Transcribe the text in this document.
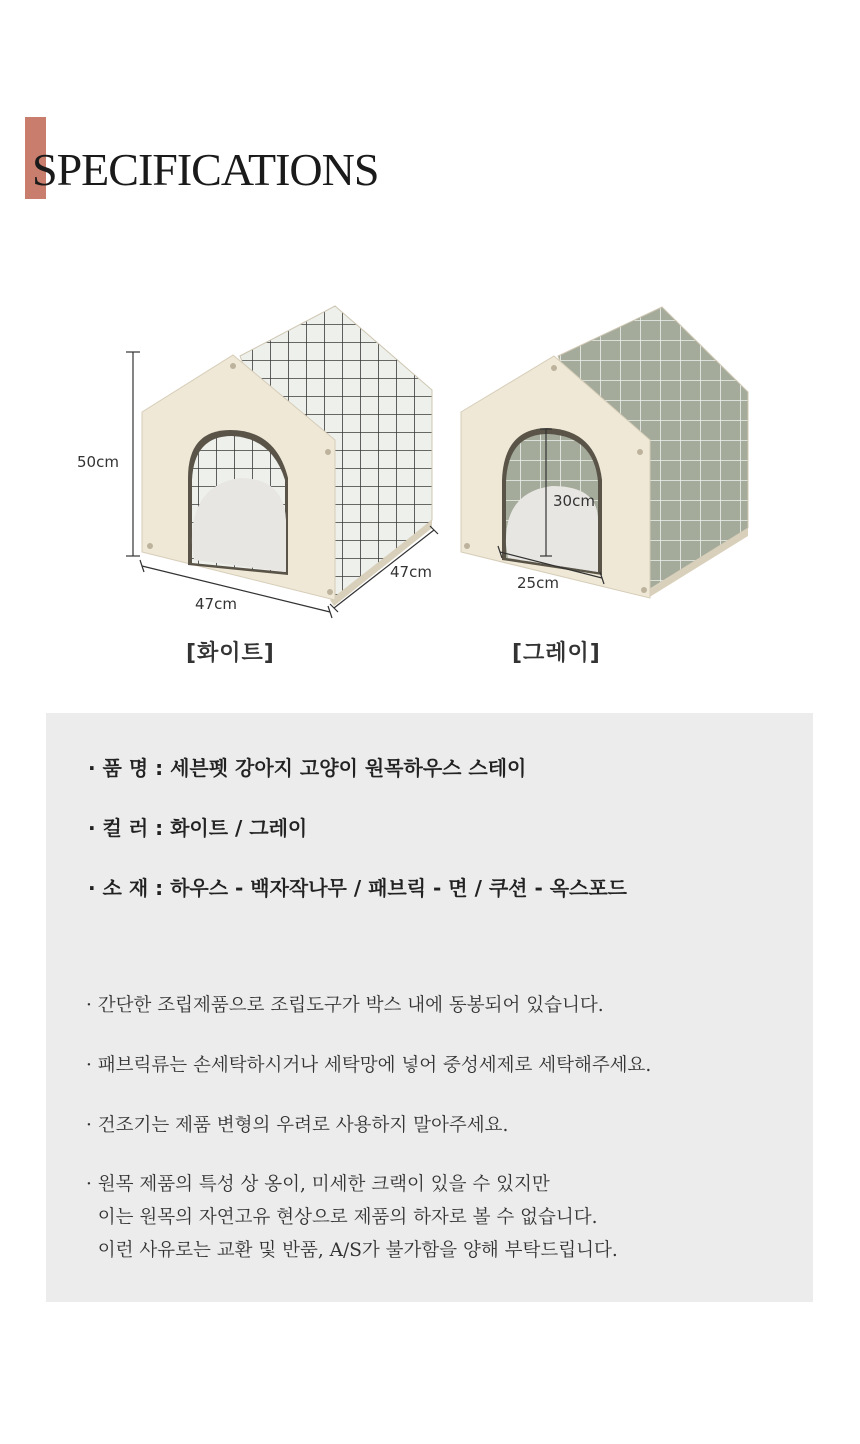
SPECIFICATIONS
50cm
47cm
47cm
30cm
25cm
[화이트]	[그레이]
· 품 명 : 세븐펫 강아지 고양이 원목하우스 스테이
· 컬 러 : 화이트 / 그레이
· 소 재 : 하우스 - 백자작나무 / 패브릭 - 면 / 쿠션 - 옥스포드
· 간단한 조립제품으로 조립도구가 박스 내에 동봉되어 있습니다.
· 패브릭류는 손세탁하시거나 세탁망에 넣어 중성세제로 세탁해주세요.
· 건조기는 제품 변형의 우려로 사용하지 말아주세요.
· 원목 제품의 특성 상 옹이, 미세한 크랙이 있을 수 있지만
이는 원목의 자연고유 현상으로 제품의 하자로 볼 수 없습니다.
이런 사유로는 교환 및 반품, A/S가 불가함을 양해 부탁드립니다.
